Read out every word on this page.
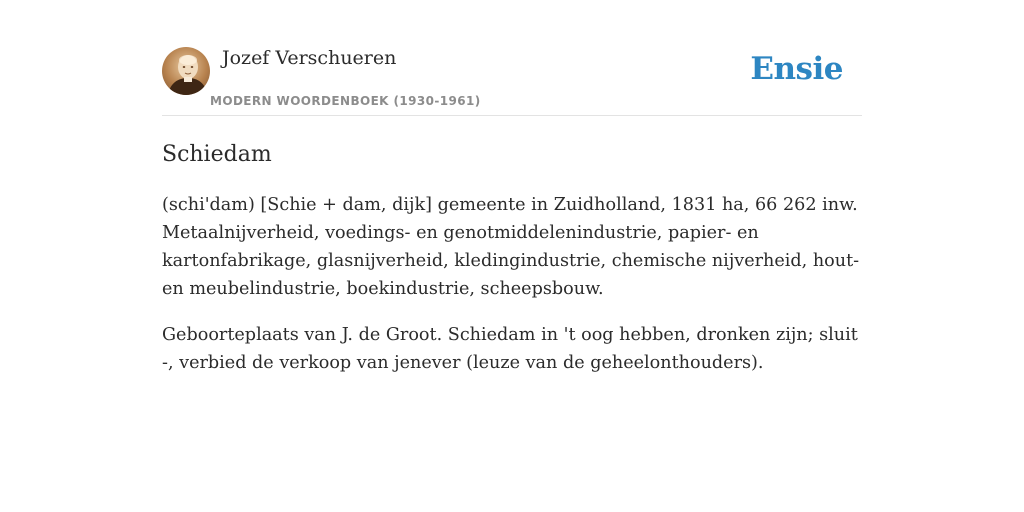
Jozef Verschueren
MODERN WOORDENBOEK (1930-1961)
Ensie
Schiedam

(schi'dam) [Schie + dam, dijk] gemeente in Zuidholland, 1831 ha, 66 262 inw. Metaalnijverheid, voedings- en genotmiddelenindustrie, papier- en kartonfabrikage, glasnijverheid, kledingindustrie, chemische nijverheid, hout- en meubelindustrie, boekindustrie, scheepsbouw.

Geboorteplaats van J. de Groot. Schiedam in 't oog hebben, dronken zijn; sluit -, verbied de verkoop van jenever (leuze van de geheelonthouders).
